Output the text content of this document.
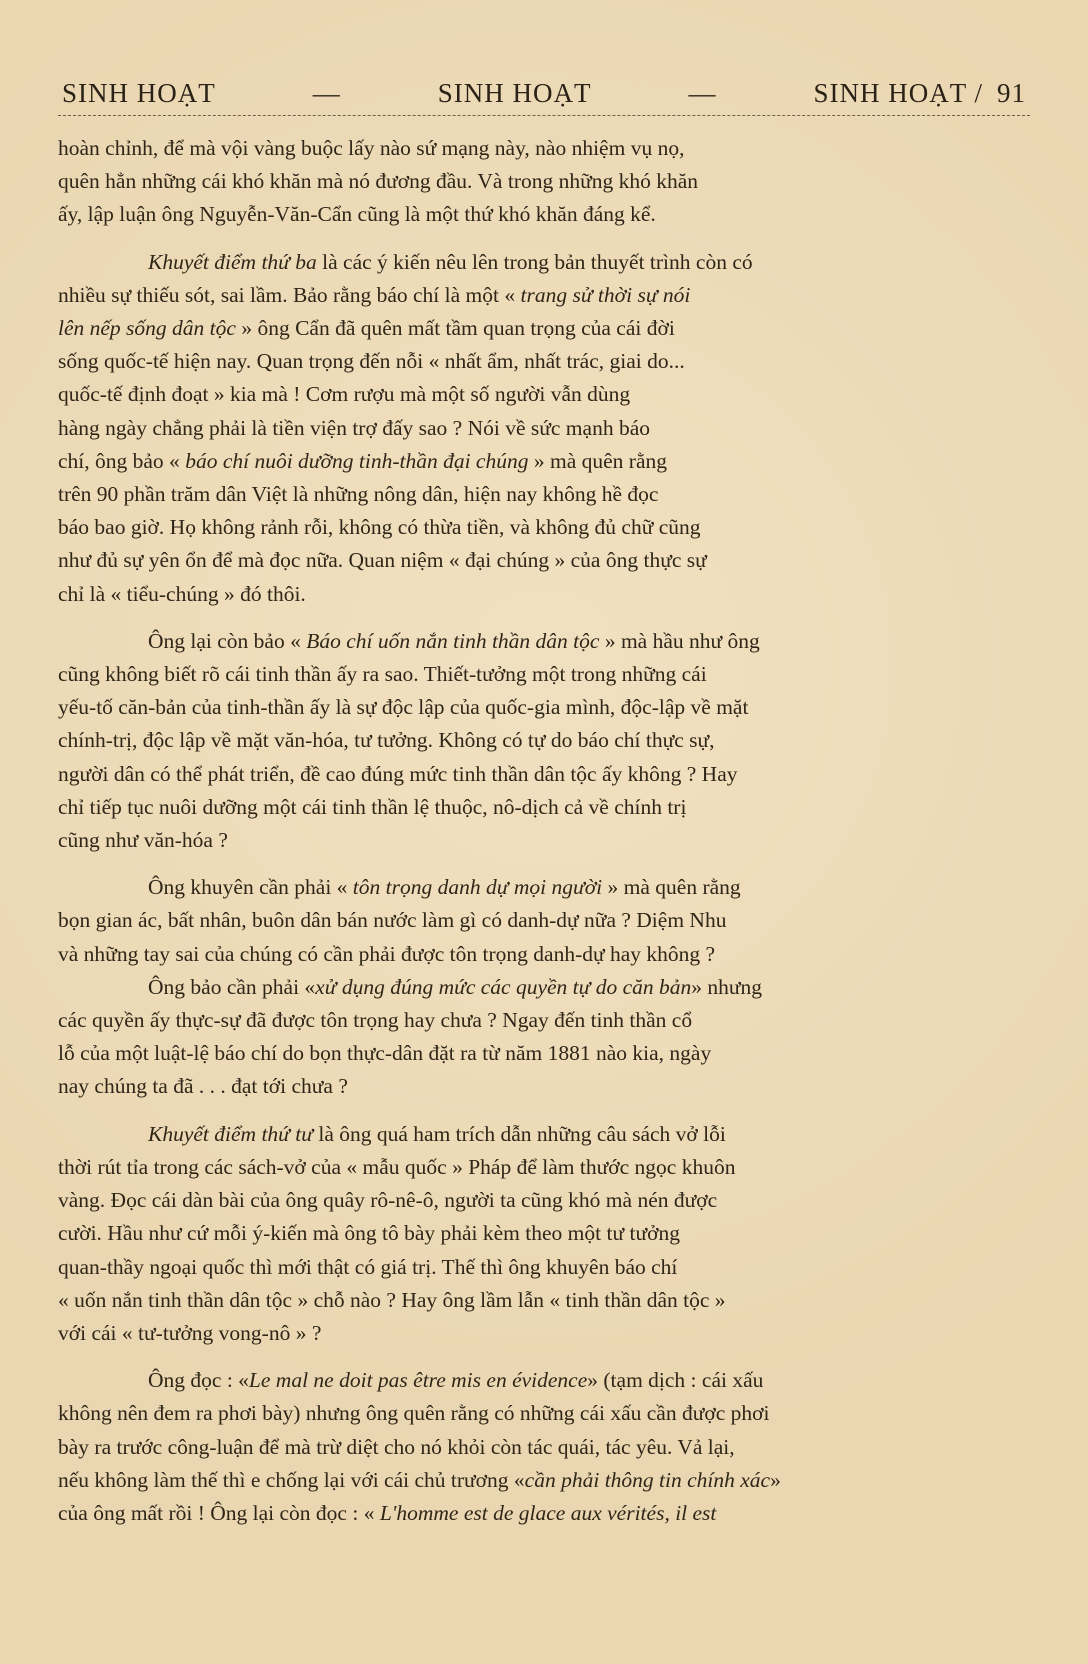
SINH HOẠT	—	SINH HOẠT	—	SINH HOẠT / 91

hoàn chỉnh, để mà vội vàng buộc lấy nào sứ mạng này, nào nhiệm vụ nọ,
quên hẳn những cái khó khăn mà nó đương đầu. Và trong những khó khăn
ấy, lập luận ông Nguyễn-Văn-Cẩn cũng là một thứ khó khăn đáng kể.

Khuyết điểm thứ ba là các ý kiến nêu lên trong bản thuyết trình còn có
nhiều sự thiếu sót, sai lầm. Bảo rằng báo chí là một « trang sử thời sự nói
lên nếp sống dân tộc » ông Cẩn đã quên mất tầm quan trọng của cái đời
sống quốc-tế hiện nay. Quan trọng đến nỗi « nhất ẩm, nhất trác, giai do...
quốc-tế định đoạt » kia mà ! Cơm rượu mà một số người vẫn dùng
hàng ngày chẳng phải là tiền viện trợ đấy sao ? Nói về sức mạnh báo
chí, ông bảo « báo chí nuôi dưỡng tinh-thần đại chúng » mà quên rằng
trên 90 phần trăm dân Việt là những nông dân, hiện nay không hề đọc
báo bao giờ. Họ không rảnh rỗi, không có thừa tiền, và không đủ chữ cũng
như đủ sự yên ổn để mà đọc nữa. Quan niệm « đại chúng » của ông thực sự
chỉ là « tiểu-chúng » đó thôi.

Ông lại còn bảo « Báo chí uốn nắn tinh thần dân tộc » mà hầu như ông
cũng không biết rõ cái tinh thần ấy ra sao. Thiết-tưởng một trong những cái
yếu-tố căn-bản của tinh-thần ấy là sự độc lập của quốc-gia mình, độc-lập về mặt
chính-trị, độc lập về mặt văn-hóa, tư tưởng. Không có tự do báo chí thực sự,
người dân có thể phát triển, đề cao đúng mức tinh thần dân tộc ấy không ? Hay
chỉ tiếp tục nuôi dưỡng một cái tinh thần lệ thuộc, nô-dịch cả về chính trị
cũng như văn-hóa ?

Ông khuyên cần phải « tôn trọng danh dự mọi người » mà quên rằng
bọn gian ác, bất nhân, buôn dân bán nước làm gì có danh-dự nữa ? Diệm Nhu
và những tay sai của chúng có cần phải được tôn trọng danh-dự hay không ?

Ông bảo cần phải «xử dụng đúng mức các quyền tự do căn bản» nhưng
các quyền ấy thực-sự đã được tôn trọng hay chưa ? Ngay đến tinh thần cổ
lỗ của một luật-lệ báo chí do bọn thực-dân đặt ra từ năm 1881 nào kia, ngày
nay chúng ta đã . . . đạt tới chưa ?

Khuyết điểm thứ tư là ông quá ham trích dẫn những câu sách vở lỗi
thời rút tỉa trong các sách-vở của « mẫu quốc » Pháp để làm thước ngọc khuôn
vàng. Đọc cái dàn bài của ông quây rô-nê-ô, người ta cũng khó mà nén được
cười. Hầu như cứ mỗi ý-kiến mà ông tô bày phải kèm theo một tư tưởng
quan-thầy ngoại quốc thì mới thật có giá trị. Thế thì ông khuyên báo chí
« uốn nắn tinh thần dân tộc » chỗ nào ? Hay ông lầm lẫn « tinh thần dân tộc »
với cái « tư-tưởng vong-nô » ?

Ông đọc : «Le mal ne doit pas être mis en évidence» (tạm dịch : cái xấu
không nên đem ra phơi bày) nhưng ông quên rằng có những cái xấu cần được phơi
bày ra trước công-luận để mà trừ diệt cho nó khỏi còn tác quái, tác yêu. Vả lại,
nếu không làm thế thì e chống lại với cái chủ trương «cần phải thông tin chính xác»
của ông mất rồi ! Ông lại còn đọc : « L'homme est de glace aux vérités, il est
